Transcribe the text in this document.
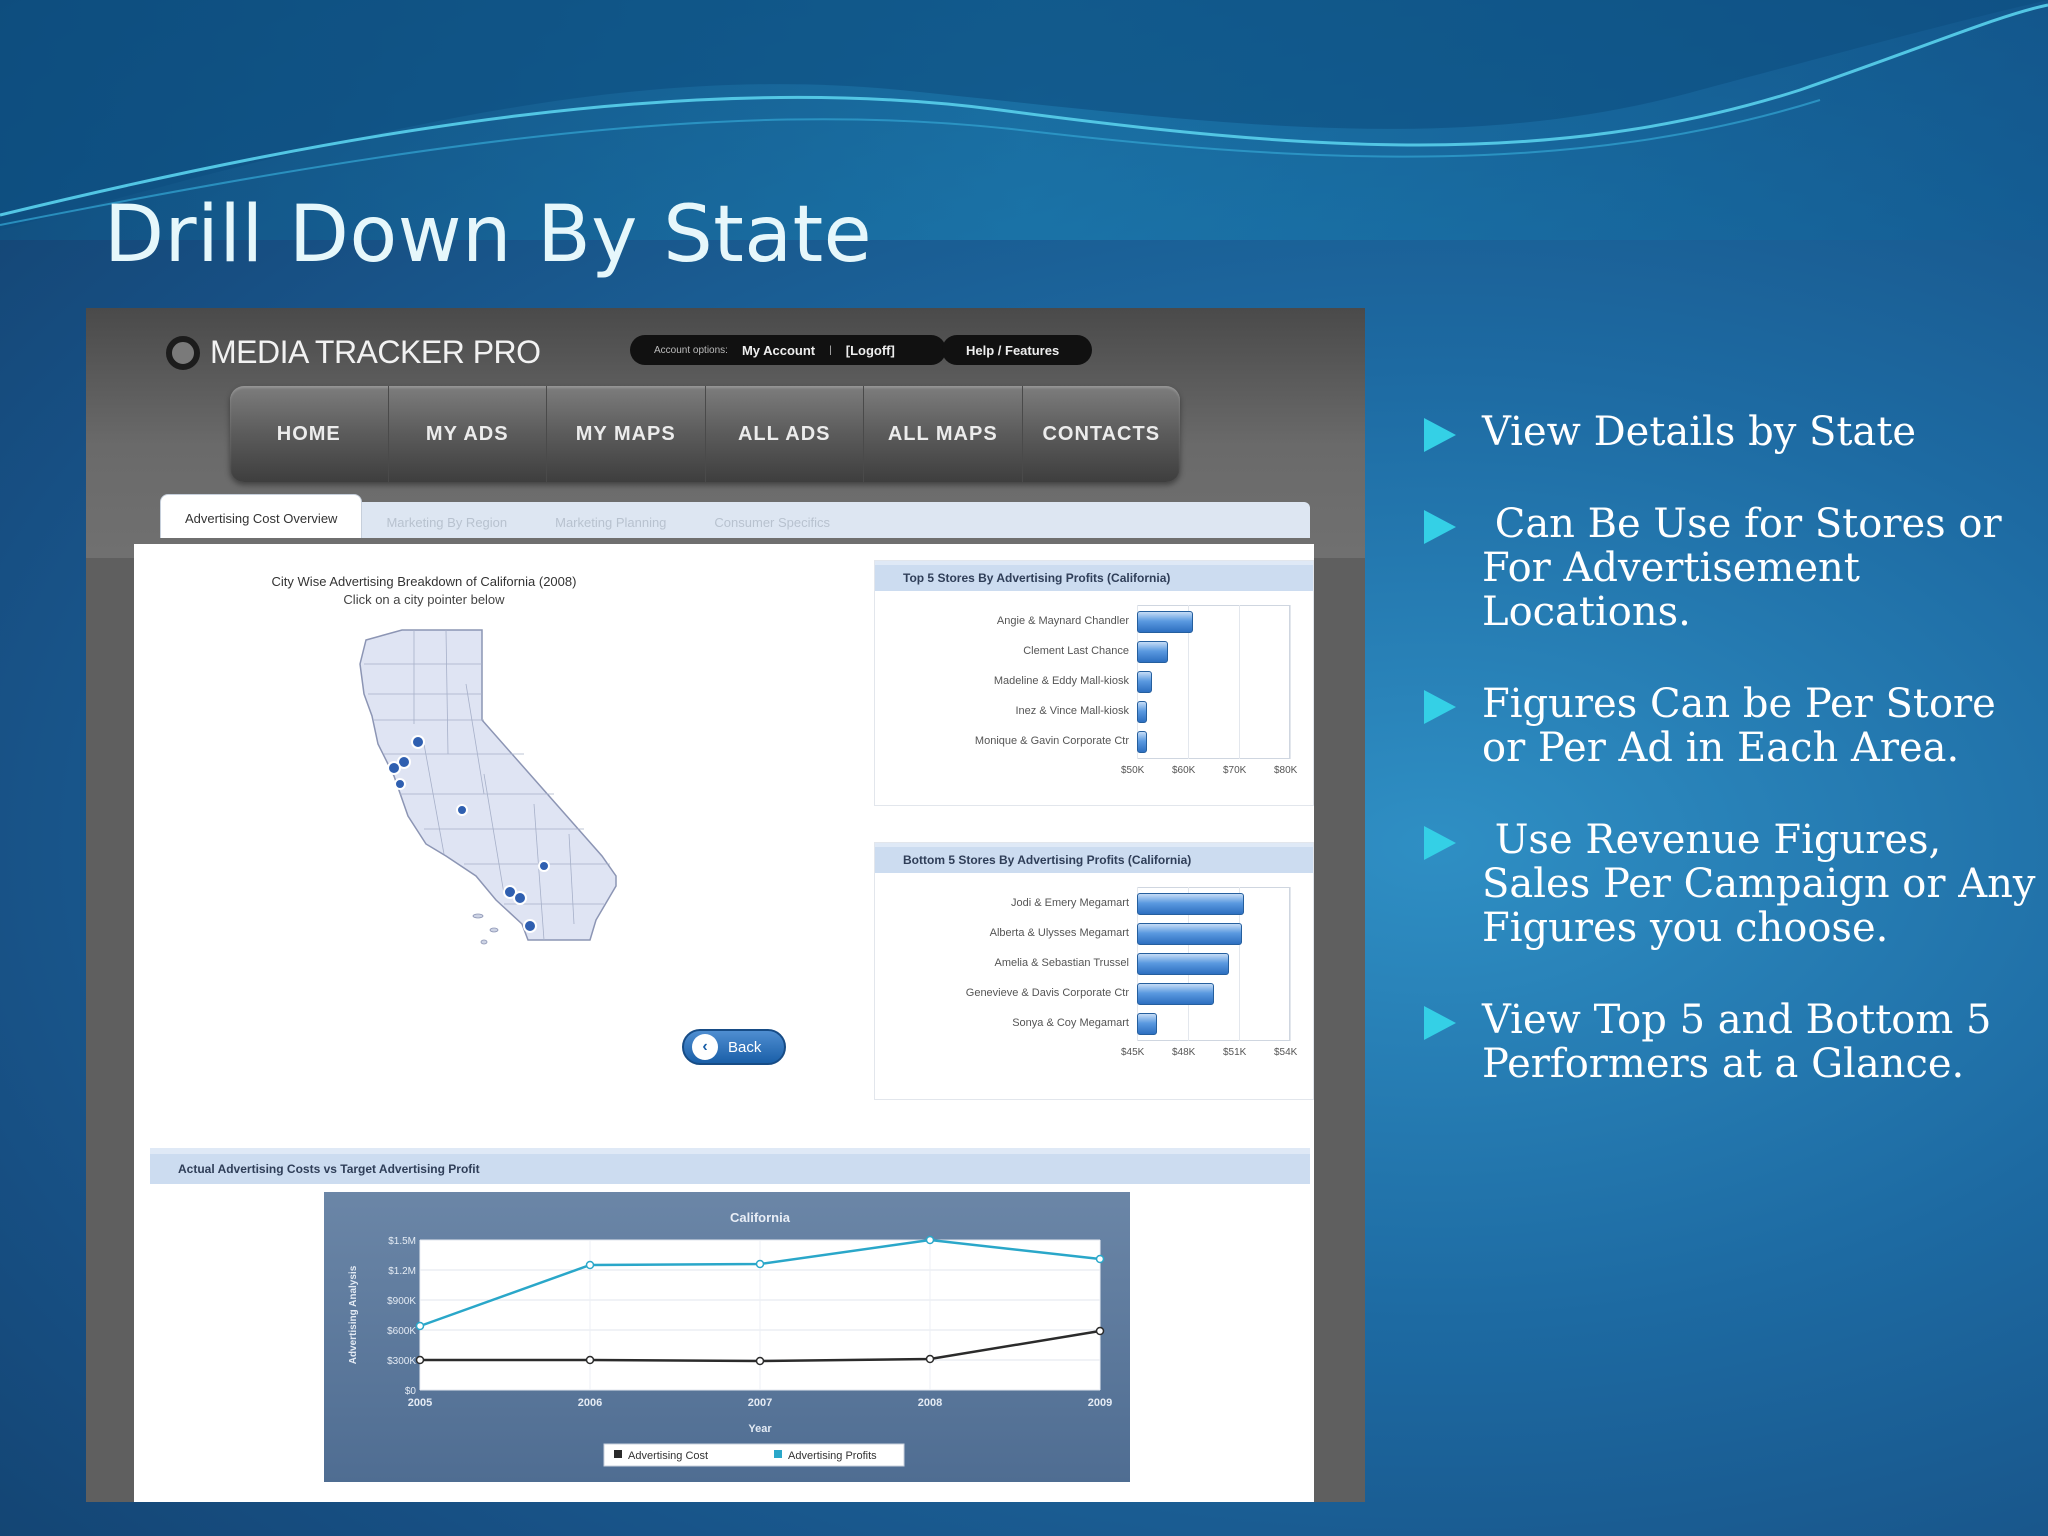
Drill Down By State
MEDIA TRACKER PRO	Account options: My Account | [Logoff]	Help / Features
HOME	MY ADS	MY MAPS	ALL ADS	ALL MAPS	CONTACTS
Advertising Cost Overview	Marketing By Region	Marketing Planning	Consumer Specifics
City Wise Advertising Breakdown of California (2008)
Click on a city pointer below
‹	Back
Top 5 Stores By Advertising Profits (California)
$50K	$60K	$70K	$80K
Angie & Maynard Chandler
Clement Last Chance
Madeline & Eddy Mall-kiosk
Inez & Vince Mall-kiosk
Monique & Gavin Corporate Ctr
Bottom 5 Stores By Advertising Profits (California)
$45K	$48K	$51K	$54K
Jodi & Emery Megamart
Alberta & Ulysses Megamart
Amelia & Sebastian Trussel
Genevieve & Davis Corporate Ctr
Sonya & Coy Megamart
Actual Advertising Costs vs Target Advertising Profit
California
$0
$300K
$600K
$900K
$1.2M
$1.5M
2005	2006	2007	2008	2009
Year
Advertising Analysis
Advertising Cost	Advertising Profits
View Details by State
Can Be Use for Stores or For Advertisement Locations.
Figures Can be Per Store or Per Ad in Each Area.
Use Revenue Figures, Sales Per Campaign or Any Figures you choose.
View Top 5 and Bottom 5 Performers at a Glance.
